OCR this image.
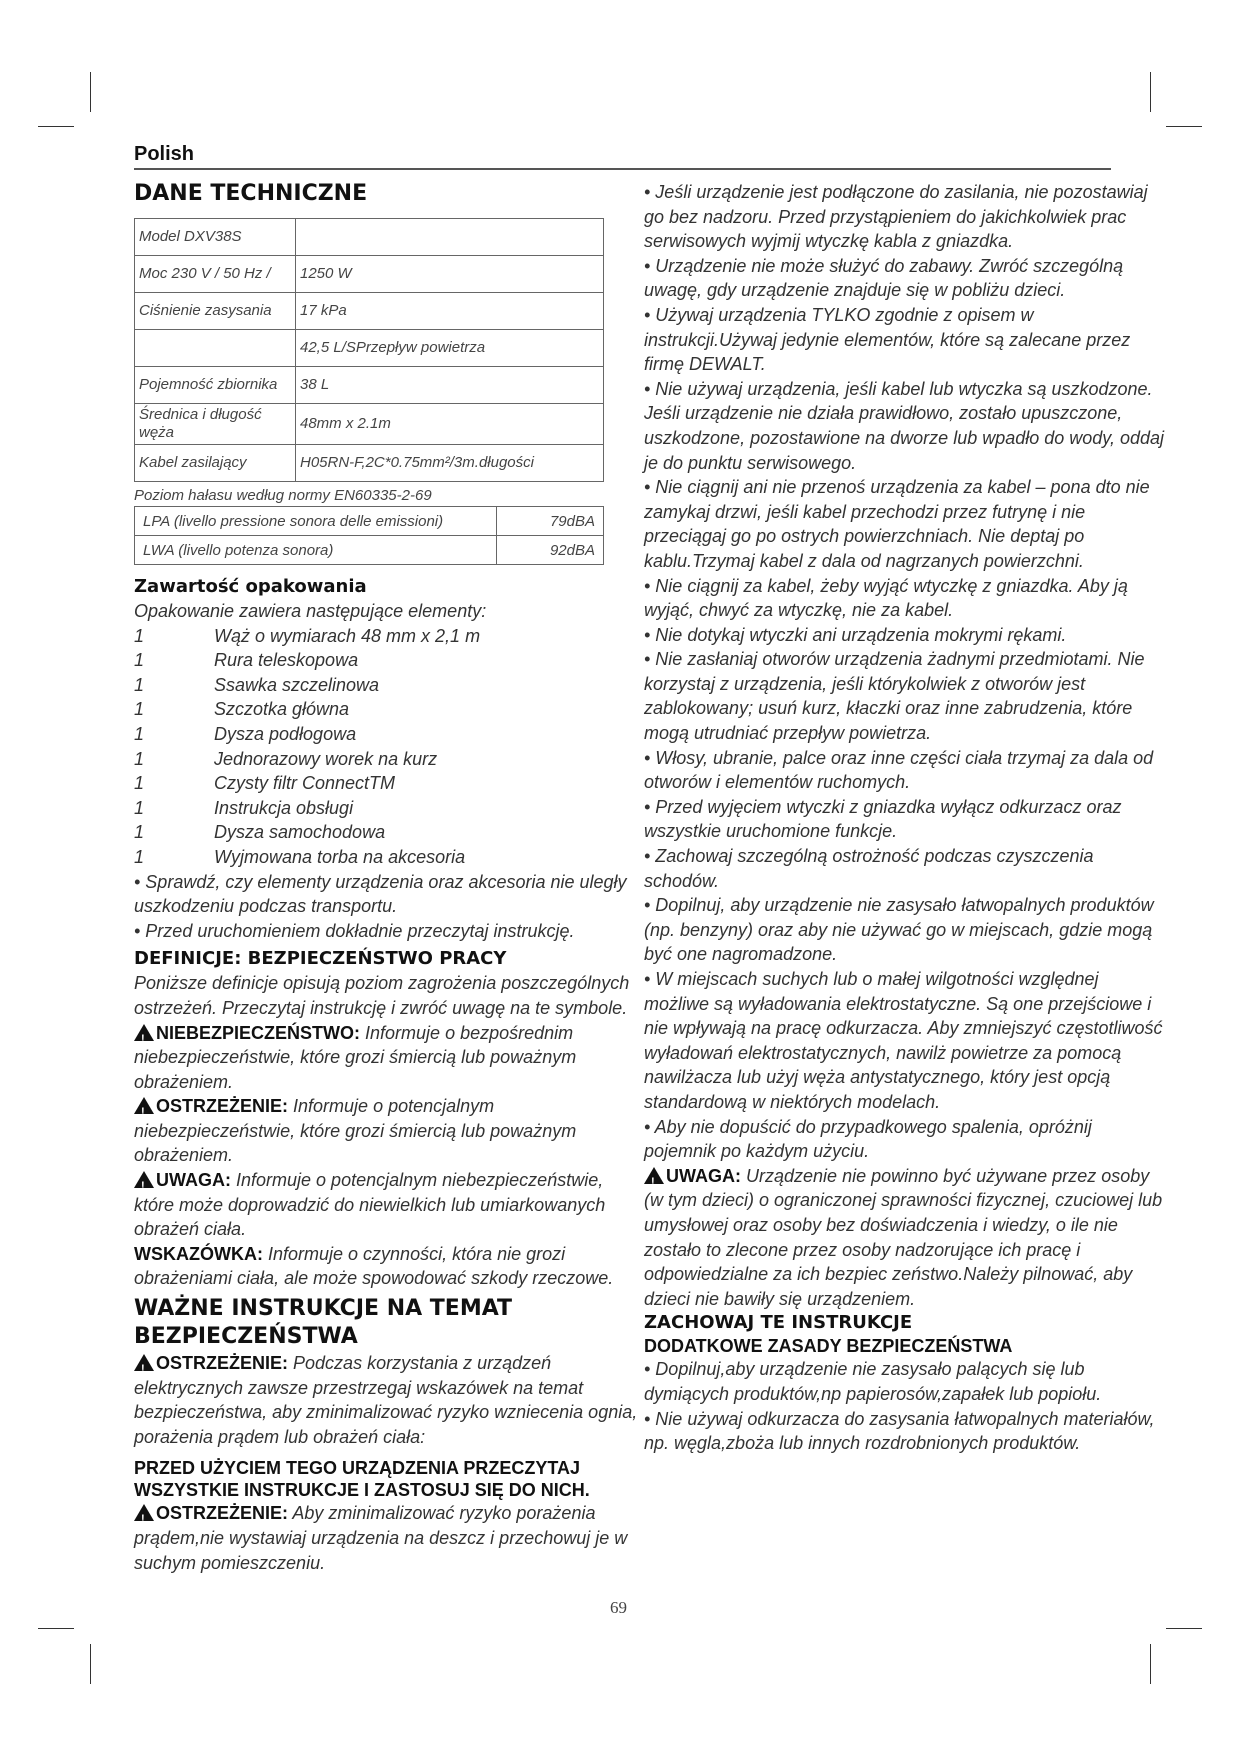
Polish
DANE TECHNICZNE
Model DXV38S	
Moc 230 V / 50 Hz /	1250 W
Ciśnienie zasysania	17 kPa
	42,5 L/SPrzepływ powietrza
Pojemność zbiornika	38 L
Średnica i długość węża	48mm x 2.1m
Kabel zasilający	H05RN-F,2C*0.75mm²/3m.długości
Poziom hałasu według normy EN60335-2-69
LPA (livello pressione sonora delle emissioni)	79dBA
LWA (livello potenza sonora)	92dBA
Zawartość opakowania

Opakowanie zawiera następujące elementy:

1	Wąż o wymiarach 48 mm x 2,1 m
1	Rura teleskopowa
1	Ssawka szczelinowa
1	Szczotka główna
1	Dysza podłogowa
1	Jednorazowy worek na kurz
1	Czysty filtr ConnectTM
1	Instrukcja obsługi
1	Dysza samochodowa
1	Wyjmowana torba na akcesoria

• Sprawdź, czy elementy urządzenia oraz akcesoria nie uległy uszkodzeniu podczas transportu.

• Przed uruchomieniem dokładnie przeczytaj instrukcję.

DEFINICJE: BEZPIECZEŃSTWO PRACY

Poniższe definicje opisują poziom zagrożenia poszczególnych ostrzeżeń. Przeczytaj instrukcję i zwróć uwagę na te symbole.

!NIEBEZPIECZEŃSTWO: Informuje o bezpośrednim niebezpieczeństwie, które grozi śmiercią lub poważnym obrażeniem.

!OSTRZEŻENIE: Informuje o potencjalnym niebezpieczeństwie, które grozi śmiercią lub poważnym obrażeniem.

!UWAGA: Informuje o potencjalnym niebezpieczeństwie, które może doprowadzić do niewielkich lub umiarkowanych obrażeń ciała.

WSKAZÓWKA: Informuje o czynności, która nie grozi obrażeniami ciała, ale może spowodować szkody rzeczowe.

WAŻNE INSTRUKCJE NA TEMAT BEZPIECZEŃSTWA

!OSTRZEŻENIE: Podczas korzystania z urządzeń elektrycznych zawsze przestrzegaj wskazówek na temat bezpieczeństwa, aby zminimalizować ryzyko wzniecenia ognia, porażenia prądem lub obrażeń ciała:

PRZED UŻYCIEM TEGO URZĄDZENIA PRZECZYTAJ WSZYSTKIE INSTRUKCJE I ZASTOSUJ SIĘ DO NICH.

!OSTRZEŻENIE: Aby zminimalizować ryzyko porażenia prądem,nie wystawiaj urządzenia na deszcz i przechowuj je w suchym pomieszczeniu.

• Jeśli urządzenie jest podłączone do zasilania, nie pozostawiaj go bez nadzoru. Przed przystąpieniem do jakichkolwiek prac serwisowych wyjmij wtyczkę kabla z gniazdka.

• Urządzenie nie może służyć do zabawy. Zwróć szczególną uwagę, gdy urządzenie znajduje się w pobliżu dzieci.

• Używaj urządzenia TYLKO zgodnie z opisem w instrukcji.Używaj jedynie elementów, które są zalecane przez firmę DEWALT.

• Nie używaj urządzenia, jeśli kabel lub wtyczka są uszkodzone. Jeśli urządzenie nie działa prawidłowo, zostało upuszczone, uszkodzone, pozostawione na dworze lub wpadło do wody, oddaj je do punktu serwisowego.

• Nie ciągnij ani nie przenoś urządzenia za kabel – pona dto nie zamykaj drzwi, jeśli kabel przechodzi przez futrynę i nie przeciągaj go po ostrych powierzchniach. Nie deptaj po kablu.Trzymaj kabel z dala od nagrzanych powierzchni.

• Nie ciągnij za kabel, żeby wyjąć wtyczkę z gniazdka. Aby ją wyjąć, chwyć za wtyczkę, nie za kabel.

• Nie dotykaj wtyczki ani urządzenia mokrymi rękami.

• Nie zasłaniaj otworów urządzenia żadnymi przedmiotami. Nie korzystaj z urządzenia, jeśli którykolwiek z otworów jest zablokowany; usuń kurz, kłaczki oraz inne zabrudzenia, które mogą utrudniać przepływ powietrza.

• Włosy, ubranie, palce oraz inne części ciała trzymaj za dala od otworów i elementów ruchomych.

• Przed wyjęciem wtyczki z gniazdka wyłącz odkurzacz oraz wszystkie uruchomione funkcje.

• Zachowaj szczególną ostrożność podczas czyszczenia schodów.

• Dopilnuj, aby urządzenie nie zasysało łatwopalnych produktów (np. benzyny) oraz aby nie używać go w miejscach, gdzie mogą być one nagromadzone.

• W miejscach suchych lub o małej wilgotności względnej możliwe są wyładowania elektrostatyczne. Są one przejściowe i nie wpływają na pracę odkurzacza. Aby zmniejszyć częstotliwość wyładowań elektrostatycznych, nawilż powietrze za pomocą nawilżacza lub użyj węża antystatycznego, który jest opcją standardową w niektórych modelach.

• Aby nie dopuścić do przypadkowego spalenia, opróżnij pojemnik po każdym użyciu.

!UWAGA: Urządzenie nie powinno być używane przez osoby (w tym dzieci) o ograniczonej sprawności fizycznej, czuciowej lub umysłowej oraz osoby bez doświadczenia i wiedzy, o ile nie zostało to zlecone przez osoby nadzorujące ich pracę i odpowiedzialne za ich bezpiec zeństwo.Należy pilnować, aby dzieci nie bawiły się urządzeniem.

ZACHOWAJ TE INSTRUKCJE
DODATKOWE ZASADY BEZPIECZEŃSTWA

• Dopilnuj,aby urządzenie nie zasysało palących się lub dymiących produktów,np papierosów,zapałek lub popiołu.

• Nie używaj odkurzacza do zasysania łatwopalnych materiałów, np. węgla,zboża lub innych rozdrobnionych produktów.

69
